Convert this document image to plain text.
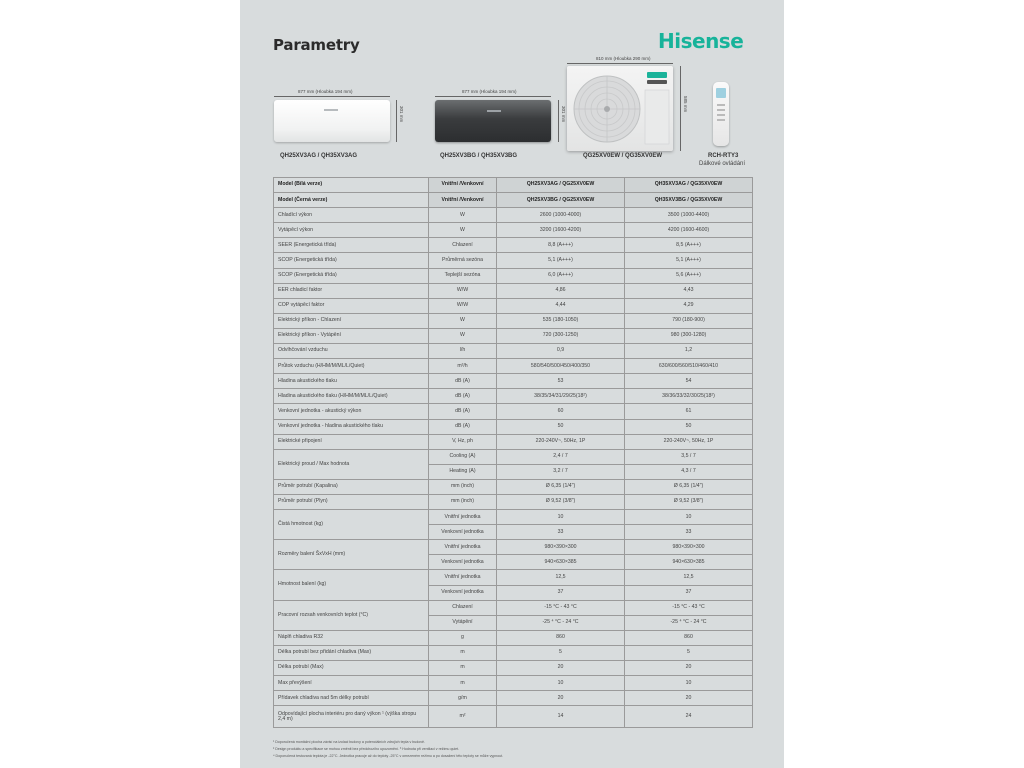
Parametry	Hisense
877 mm (Hloubka 194 mm)
301 mm
QH25XV3AG / QH35XV3AG
877 mm (Hloubka 194 mm)
301 mm
QH25XV3BG / QH35XV3BG
810 mm (Hloubka 290 mm)
585 mm
QG25XV0EW / QG35XV0EW	RCH-RTY3
Dálkové ovládání
Model (Bílá verze)	Vnitřní /Venkovní	QH25XV3AG / QG25XV0EW	QH35XV3AG / QG35XV0EW
Model (Černá verze)	Vnitřní /Venkovní	QH25XV3BG / QG25XV0EW	QH35XV3BG / QG35XV0EW
Chladící výkon	W	2600 (1000-4000)	3500 (1000-4400)
Vytápěcí výkon	W	3200 (1600-4200)	4200 (1600-4600)
SEER (Energetická třída)	Chlazení	8,8 (A+++)	8,5 (A+++)
SCOP (Energetická třída)	Průměrná sezóna	5,1 (A+++)	5,1 (A+++)
SCOP (Energetická třída)	Teplejší sezóna	6,0 (A+++)	5,6 (A+++)
EER chladicí faktor	W/W	4,86	4,43
COP vytápěcí faktor	W/W	4,44	4,29
Elektrický příkon - Chlazení	W	535 (180-1050)	790 (180-900)
Elektrický příkon - Vytápění	W	720 (300-1250)	980 (300-1280)
Odvlhčování vzduchu	l/h	0,9	1,2
Průtok vzduchu (H/HM/M/ML/L/Quiet)	m³/h	580/540/500/450/400/350	630/600/560/510/460/410
Hladina akustického tlaku	dB (A)	53	54
Hladina akustického tlaku (H/HM/M/ML/L/Quiet)	dB (A)	38/35/34/31/29/25(18²)	38/36/33/32/30/25(18²)
Venkovní jednotka - akustický výkon	dB (A)	60	61
Venkovní jednotka - hladina akustického tlaku	dB (A)	50	50
Elektrické připojení	V, Hz, ph	220-240V~, 50Hz, 1P	220-240V~, 50Hz, 1P
Elektrický proud / Max hodnota	Cooling (A)	2,4 / 7	3,5 / 7
	Heating (A)	3,2 / 7	4,3 / 7
Průměr potrubí (Kapalina)	mm (inch)	Ø 6,35 (1/4")	Ø 6,35 (1/4")
Průměr potrubí (Plyn)	mm (inch)	Ø 9,52 (3/8")	Ø 9,52 (3/8")
Čistá hmotnost (kg)	Vnitřní jednotka	10	10
	Venkovní jednotka	33	33
Rozměry balení ŠxVxH (mm)	Vnitřní jednotka	980×390×300	980×390×300
	Venkovní jednotka	940×630×385	940×630×385
Hmotnost balení (kg)	Vnitřní jednotka	12,5	12,5
	Venkovní jednotka	37	37
Pracovní rozsah venkovních teplot (°C)	Chlazení	-15 °C - 43 °C	-15 °C - 43 °C
	Vytápění	-25 ⁴ °C - 24 °C	-25 ⁴ °C - 24 °C
Náplň chladiva R32	g	860	860
Délka potrubí bez přidání chladiva (Max)	m	5	5
Délka potrubí (Max)	m	20	20
Max převýšení	m	10	10
Přídavek chladiva nad 5m délky potrubí	g/m	20	20
Odpovídající plocha interiéru pro daný výkon ¹ (výška stropu 2,4 m)	m²	14	24
¹ Doporučená montážní plocha závisí na izolaci budovy a potenciálních zdrojích tepla v budově.
² Design produktu a specifikace se mohou změnit bez předchozího upozornění. ³ Hodnota při ventilaci v režimu quiet.
⁴ Doporučená testovaná teplota je -22°C. Jednotka pracuje až do teploty -25°C v omezeném režimu a po dosažení této teploty se může vypnout.
